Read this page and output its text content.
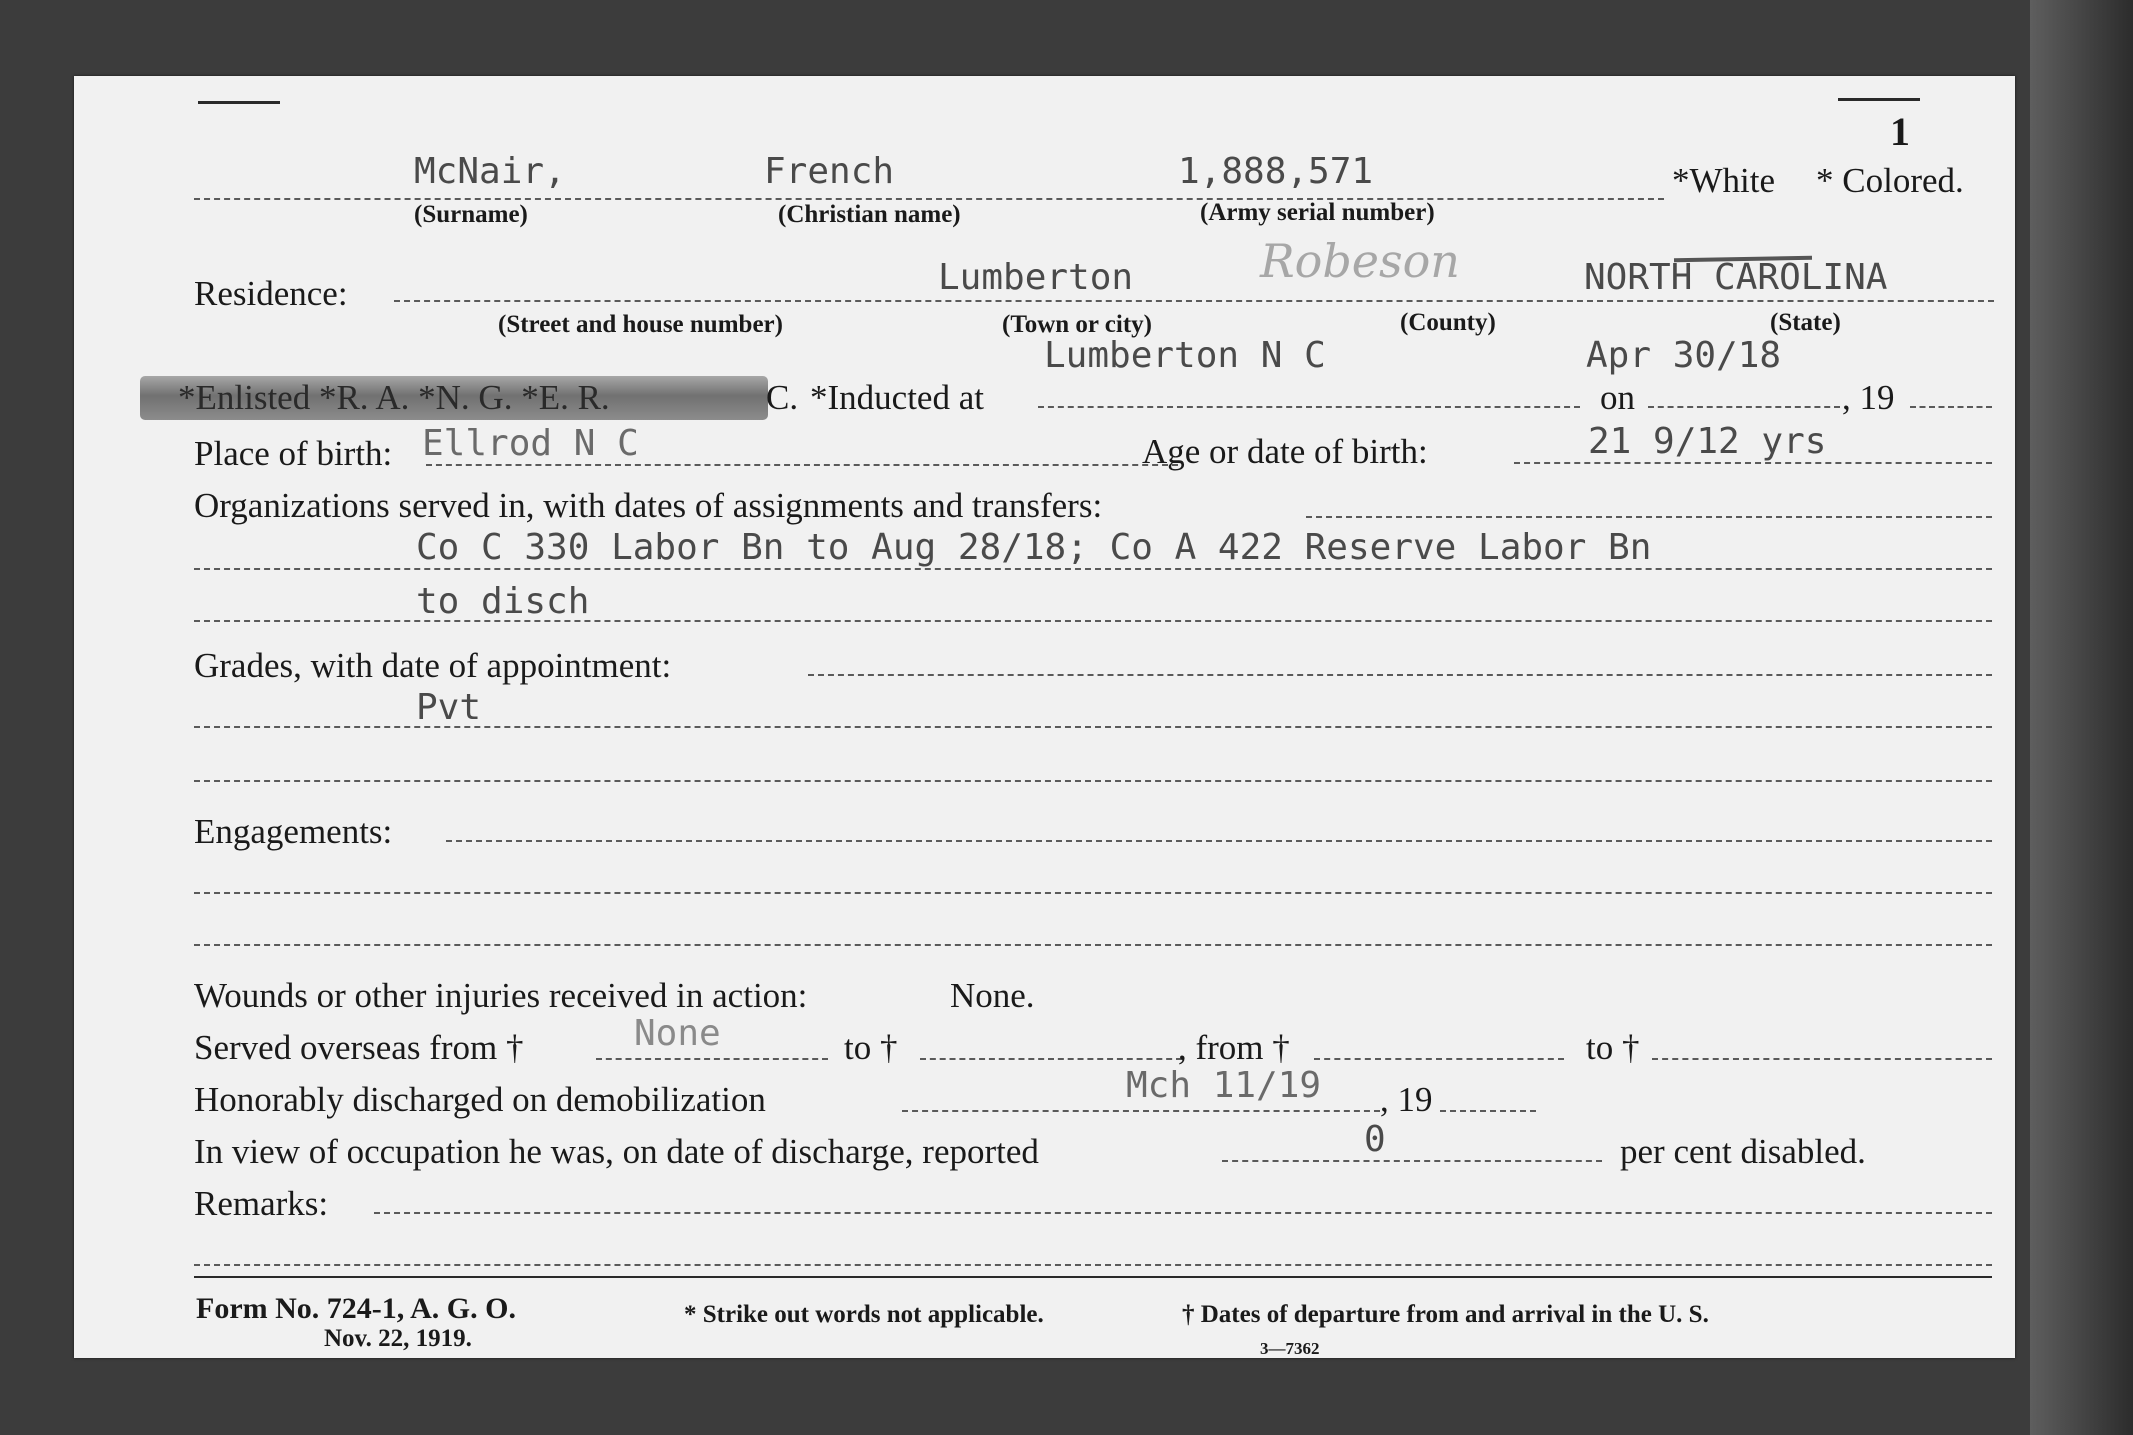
1
McNair,	French	1,888,571	*White * Colored.
(Surname)	(Christian name)	(Army serial number)
Residence:	Lumberton	Robeson	NORTH CAROLINA
(Street and house number)	(Town or city)	(County)	(State)
*Enlisted *R. A. *N. G. *E. R.	C. *Inducted at
Lumberton N C
on
Apr 30/18
, 19
Place of birth: Ellrod N C	Age or date of birth:	21 9/12 yrs
Organizations served in, with dates of assignments and transfers:
Co C 330 Labor Bn to Aug 28/18; Co A 422 Reserve Labor Bn
to disch
Grades, with date of appointment:
Pvt
Engagements:
Wounds or other injuries received in action:	None.
Served overseas from †	None	to †	, from †	to †
Honorably discharged on demobilization	Mch 11/19 , 19
In view of occupation he was, on date of discharge, reported	0	per cent disabled.
Remarks:
Form No. 724-1, A. G. O.
Nov. 22, 1919.
* Strike out words not applicable.	† Dates of departure from and arrival in the U. S.
3—7362
